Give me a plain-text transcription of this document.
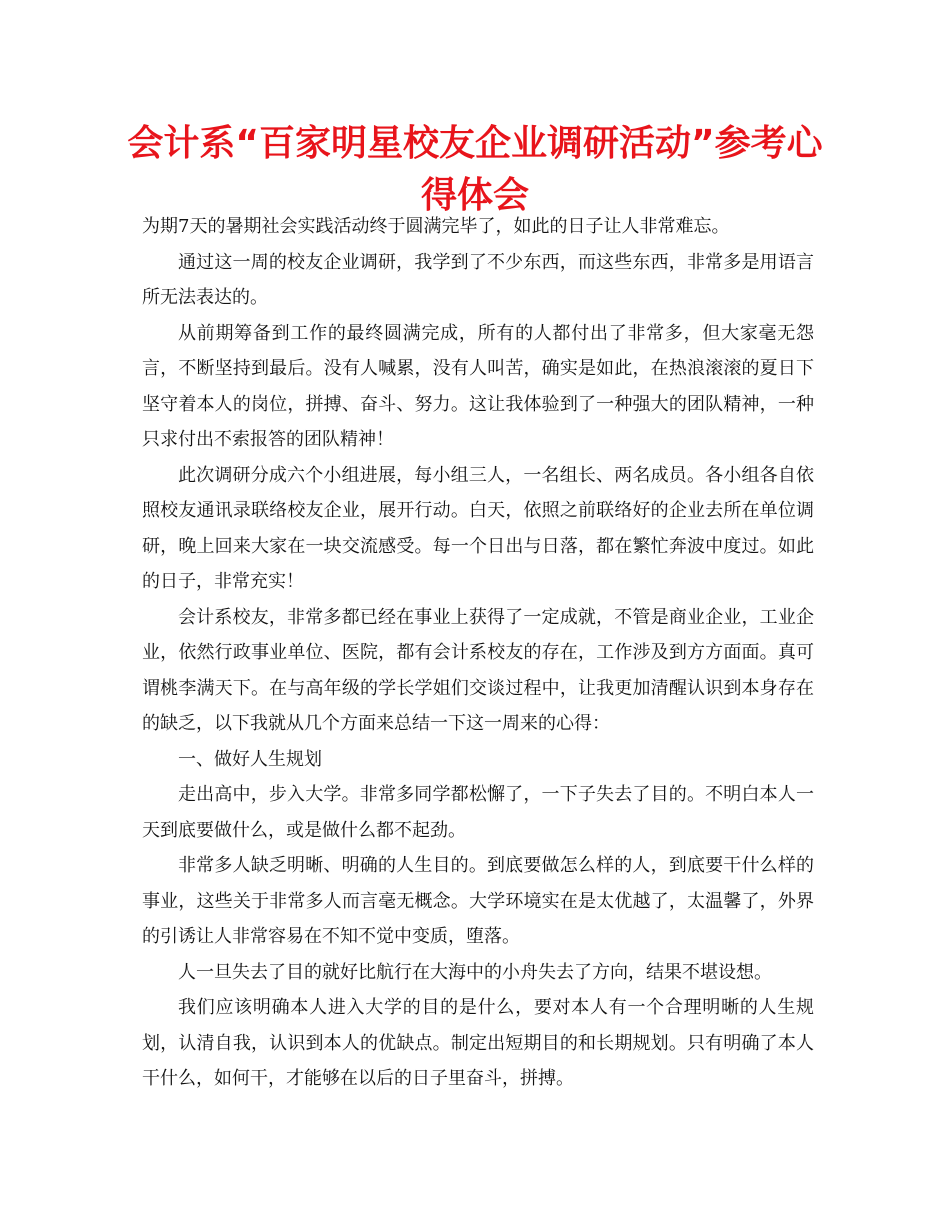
会计系“百家明星校友企业调研活动”参考心得体会

为期7天的暑期社会实践活动终于圆满完毕了，如此的日子让人非常难忘。

通过这一周的校友企业调研，我学到了不少东西，而这些东西，非常多是用语言所无法表达的。

从前期筹备到工作的最终圆满完成，所有的人都付出了非常多，但大家毫无怨言，不断坚持到最后。没有人喊累，没有人叫苦，确实是如此，在热浪滚滚的夏日下坚守着本人的岗位，拼搏、奋斗、努力。这让我体验到了一种强大的团队精神，一种只求付出不索报答的团队精神！

此次调研分成六个小组进展，每小组三人，一名组长、两名成员。各小组各自依照校友通讯录联络校友企业，展开行动。白天，依照之前联络好的企业去所在单位调研，晚上回来大家在一块交流感受。每一个日出与日落，都在繁忙奔波中度过。如此的日子，非常充实！

会计系校友，非常多都已经在事业上获得了一定成就，不管是商业企业，工业企业，依然行政事业单位、医院，都有会计系校友的存在，工作涉及到方方面面。真可谓桃李满天下。在与高年级的学长学姐们交谈过程中，让我更加清醒认识到本身存在的缺乏，以下我就从几个方面来总结一下这一周来的心得：

一、做好人生规划

走出高中，步入大学。非常多同学都松懈了，一下子失去了目的。不明白本人一天到底要做什么，或是做什么都不起劲。

非常多人缺乏明晰、明确的人生目的。到底要做怎么样的人，到底要干什么样的事业，这些关于非常多人而言毫无概念。大学环境实在是太优越了，太温馨了，外界的引诱让人非常容易在不知不觉中变质，堕落。

人一旦失去了目的就好比航行在大海中的小舟失去了方向，结果不堪设想。

我们应该明确本人进入大学的目的是什么，要对本人有一个合理明晰的人生规划，认清自我，认识到本人的优缺点。制定出短期目的和长期规划。只有明确了本人干什么，如何干，才能够在以后的日子里奋斗，拼搏。
